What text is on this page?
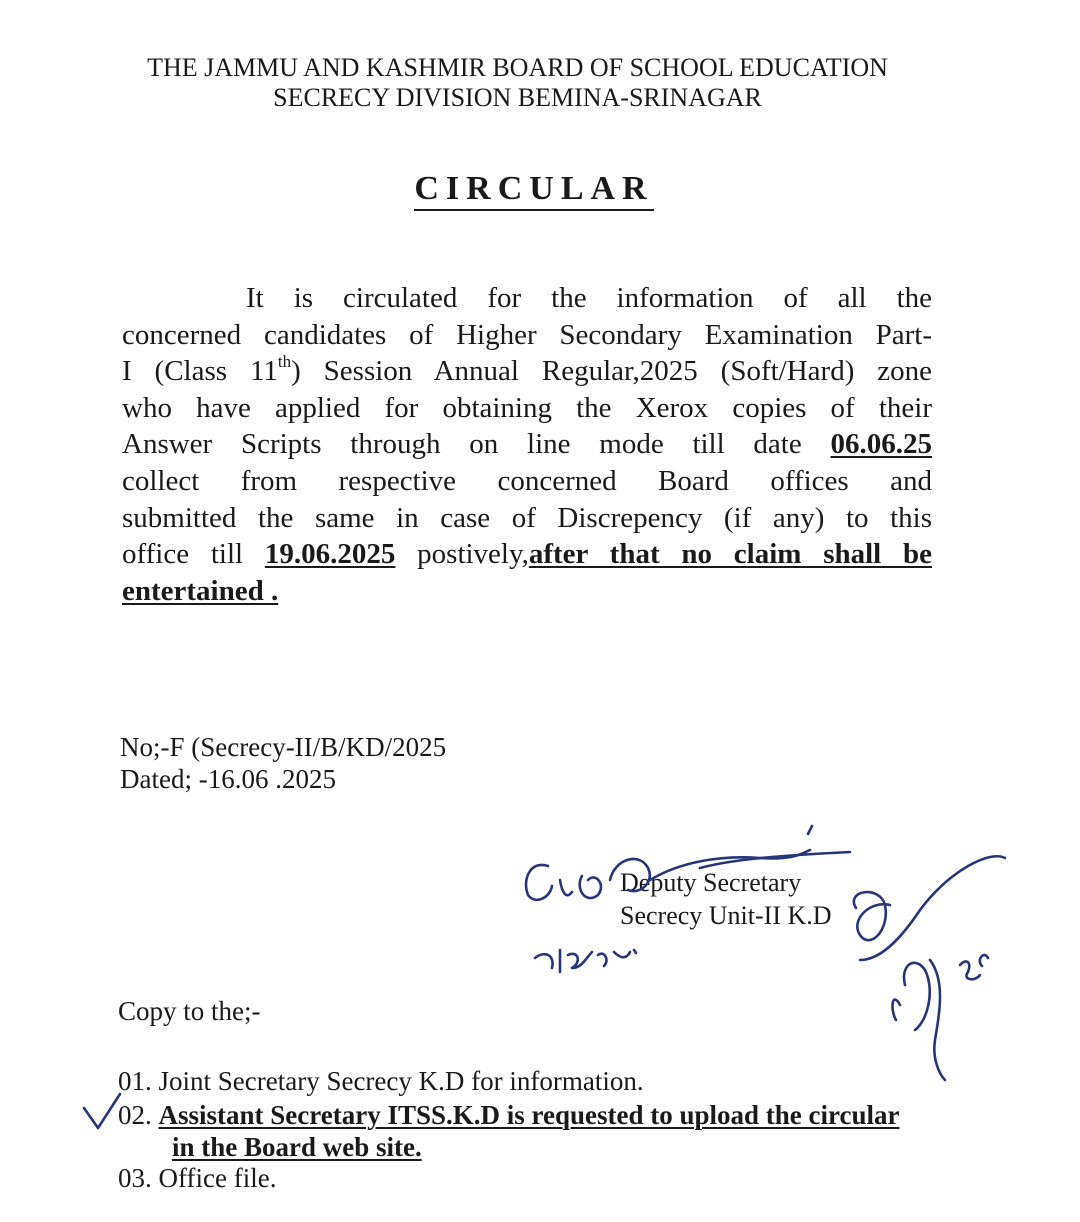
THE JAMMU AND KASHMIR BOARD OF SCHOOL EDUCATION
SECRECY DIVISION BEMINA-SRINAGAR
CIRCULAR
It is circulated for the information of all the
concerned candidates of Higher Secondary Examination Part-
I (Class 11th) Session Annual Regular,2025 (Soft/Hard) zone
who have applied for obtaining the Xerox copies of their
Answer Scripts through on line mode till date 06.06.25
collect from respective concerned Board offices and
submitted the same in case of Discrepency (if any) to this
office till 19.06.2025 postively,after that no claim shall be
entertained .
No;-F (Secrecy-II/B/KD/2025
Dated; -16.06 .2025
Deputy Secretary
Secrecy Unit-II K.D
Copy to the;-
01. Joint Secretary Secrecy K.D for information.
02. Assistant Secretary ITSS.K.D is requested to upload the circular
in the Board web site.
03. Office file.
